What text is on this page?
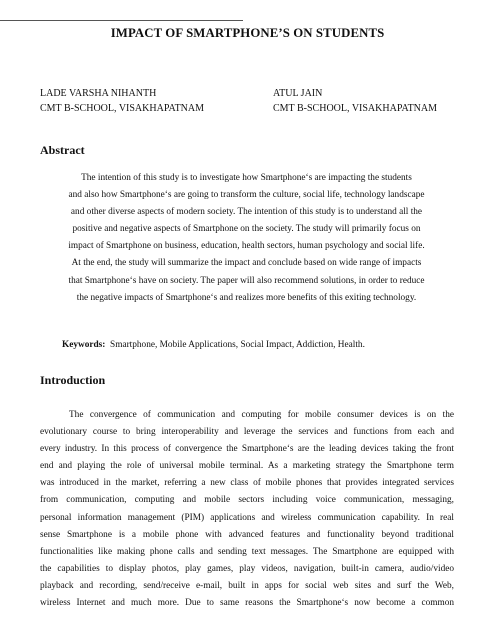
IMPACT OF SMARTPHONE’S ON STUDENTS
LADE VARSHA NIHANTH
CMT B-SCHOOL, VISAKHAPATNAM
ATUL JAIN
CMT B-SCHOOL, VISAKHAPATNAM
Abstract
The intention of this study is to investigate how Smartphone‘s are impacting the students
and also how Smartphone‘s are going to transform the culture, social life, technology landscape
and other diverse aspects of modern society. The intention of this study is to understand all the
positive and negative aspects of Smartphone on the society. The study will primarily focus on
impact of Smartphone on business, education, health sectors, human psychology and social life.
At the end, the study will summarize the impact and conclude based on wide range of impacts
that Smartphone‘s have on society. The paper will also recommend solutions, in order to reduce
the negative impacts of Smartphone‘s and realizes more benefits of this exiting technology.
Keywords: Smartphone, Mobile Applications, Social Impact, Addiction, Health.
Introduction
The convergence of communication and computing for mobile consumer devices is on the
evolutionary course to bring interoperability and leverage the services and functions from each and
every industry. In this process of convergence the Smartphone‘s are the leading devices taking the front
end and playing the role of universal mobile terminal. As a marketing strategy the Smartphone term
was introduced in the market, referring a new class of mobile phones that provides integrated services
from communication, computing and mobile sectors including voice communication, messaging,
personal information management (PIM) applications and wireless communication capability. In real
sense Smartphone is a mobile phone with advanced features and functionality beyond traditional
functionalities like making phone calls and sending text messages. The Smartphone are equipped with
the capabilities to display photos, play games, play videos, navigation, built-in camera, audio/video
playback and recording, send/receive e-mail, built in apps for social web sites and surf the Web,
wireless Internet and much more. Due to same reasons the Smartphone‘s now become a common
